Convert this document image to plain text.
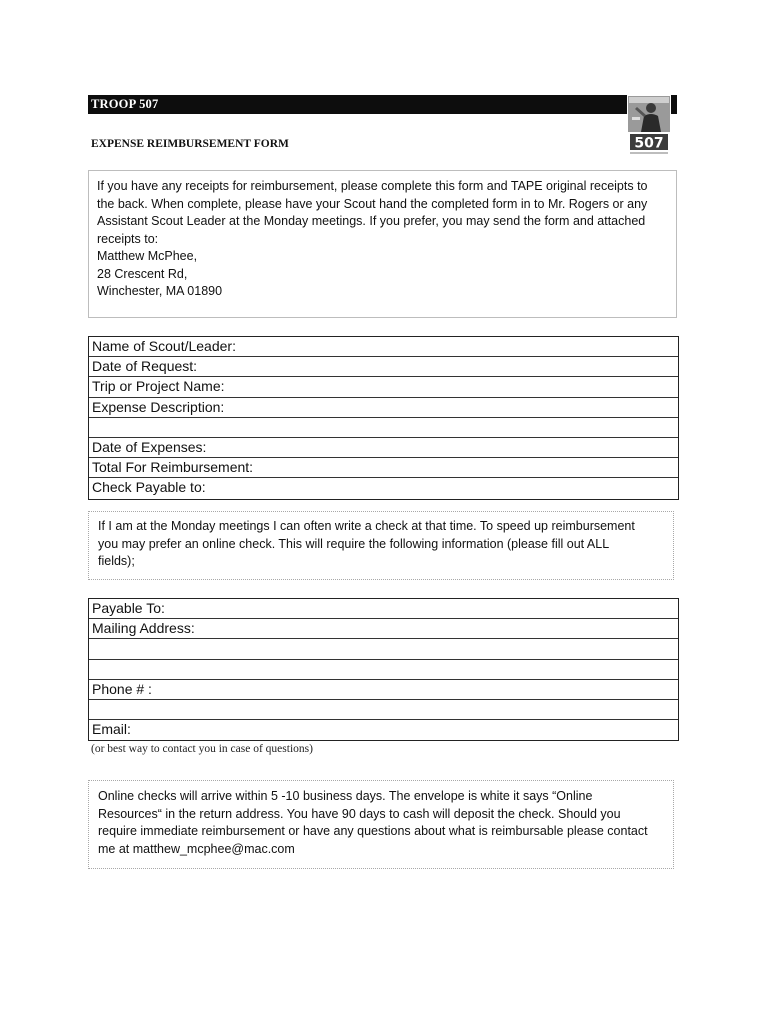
TROOP 507
507
EXPENSE REIMBURSEMENT FORM
If you have any receipts for reimbursement, please complete this form and TAPE original receipts to
the back. When complete, please have your Scout hand the completed form in to Mr. Rogers or any
Assistant Scout Leader at the Monday meetings. If you prefer, you may send the form and attached
receipts to:
Matthew McPhee,
28 Crescent Rd,
Winchester, MA 01890
Name of Scout/Leader:
Date of Request:
Trip or Project Name:
Expense Description:
Date of Expenses:
Total For Reimbursement:
Check Payable to:
If I am at the Monday meetings I can often write a check at that time. To speed up reimbursement
you may prefer an online check. This will require the following information (please fill out ALL
fields);
Payable To:
Mailing Address:
Phone # :
Email:
(or best way to contact you in case of questions)
Online checks will arrive within 5 -10 business days. The envelope is white it says “Online
Resources“ in the return address. You have 90 days to cash will deposit the check. Should you
require immediate reimbursement or have any questions about what is reimbursable please contact
me at matthew_mcphee@mac.com
